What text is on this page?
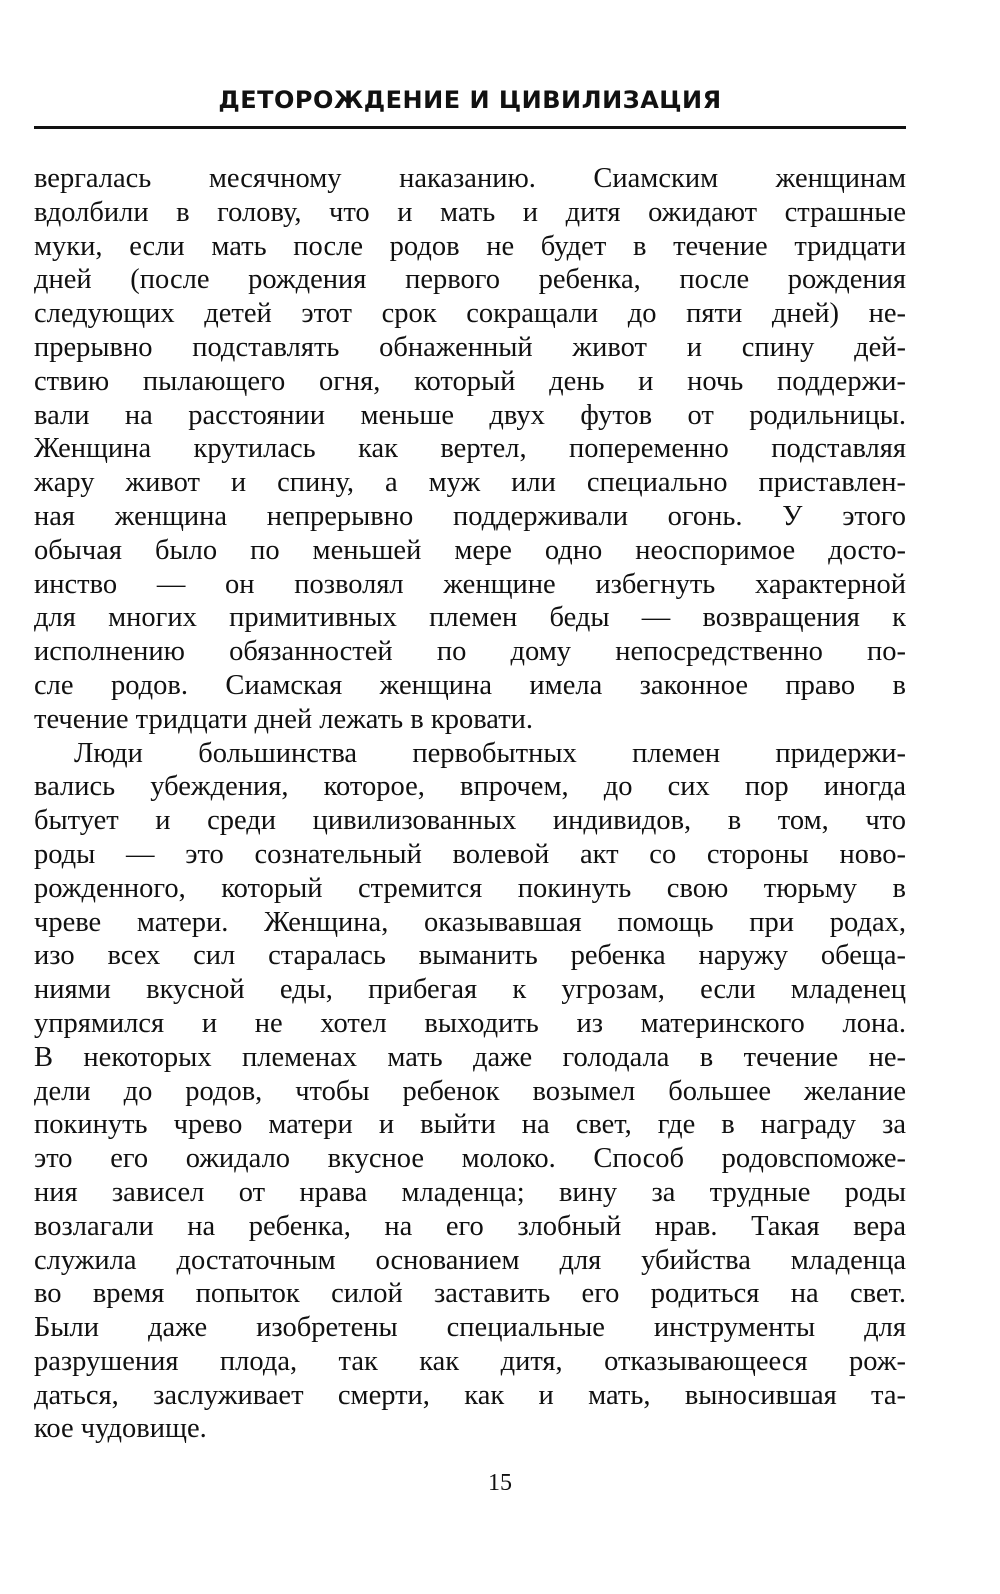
ДЕТОРОЖДЕНИЕ И ЦИВИЛИЗАЦИЯ
вергалась месячному наказанию. Сиамским женщинам
вдолбили в голову, что и мать и дитя ожидают страшные
муки, если мать после родов не будет в течение тридцати
дней (после рождения первого ребенка, после рождения
следующих детей этот срок сокращали до пяти дней) не-
прерывно подставлять обнаженный живот и спину дей-
ствию пылающего огня, который день и ночь поддержи-
вали на расстоянии меньше двух футов от родильницы.
Женщина крутилась как вертел, попеременно подставляя
жару живот и спину, а муж или специально приставлен-
ная женщина непрерывно поддерживали огонь. У этого
обычая было по меньшей мере одно неоспоримое досто-
инство — он позволял женщине избегнуть характерной
для многих примитивных племен беды — возвращения к
исполнению обязанностей по дому непосредственно по-
сле родов. Сиамская женщина имела законное право в
течение тридцати дней лежать в кровати.
Люди большинства первобытных племен придержи-
вались убеждения, которое, впрочем, до сих пор иногда
бытует и среди цивилизованных индивидов, в том, что
роды — это сознательный волевой акт со стороны ново-
рожденного, который стремится покинуть свою тюрьму в
чреве матери. Женщина, оказывавшая помощь при родах,
изо всех сил старалась выманить ребенка наружу обеща-
ниями вкусной еды, прибегая к угрозам, если младенец
упрямился и не хотел выходить из материнского лона.
В некоторых племенах мать даже голодала в течение не-
дели до родов, чтобы ребенок возымел большее желание
покинуть чрево матери и выйти на свет, где в награду за
это его ожидало вкусное молоко. Способ родовспоможе-
ния зависел от нрава младенца; вину за трудные роды
возлагали на ребенка, на его злобный нрав. Такая вера
служила достаточным основанием для убийства младенца
во время попыток силой заставить его родиться на свет.
Были даже изобретены специальные инструменты для
разрушения плода, так как дитя, отказывающееся рож-
даться, заслуживает смерти, как и мать, выносившая та-
кое чудовище.
15
